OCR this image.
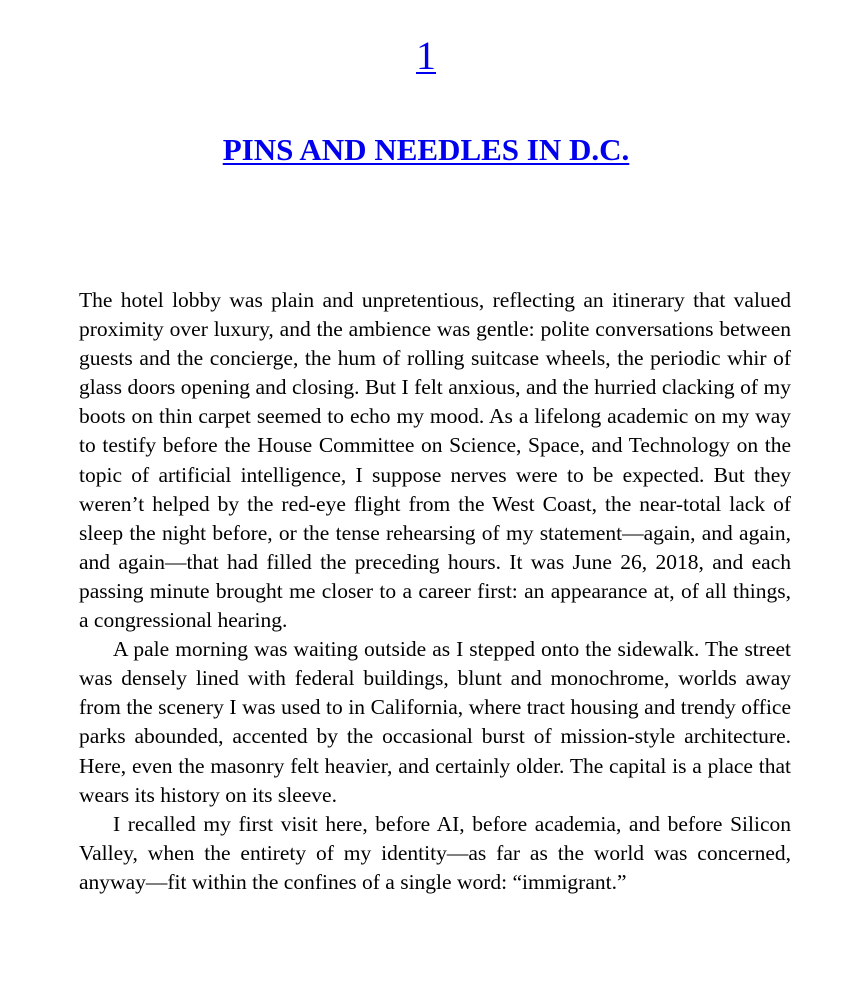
1
PINS AND NEEDLES IN D.C.

The hotel lobby was plain and unpretentious, reflecting an itinerary that valued proximity over luxury, and the ambience was gentle: polite conversations between guests and the concierge, the hum of rolling suitcase wheels, the periodic whir of glass doors opening and closing. But I felt anxious, and the hurried clacking of my boots on thin carpet seemed to echo my mood. As a lifelong academic on my way to testify before the House Committee on Science, Space, and Technology on the topic of artificial intelligence, I suppose nerves were to be expected. But they weren’t helped by the red-eye flight from the West Coast, the near-total lack of sleep the night before, or the tense rehearsing of my statement—again, and again, and again—that had filled the preceding hours. It was June 26, 2018, and each passing minute brought me closer to a career first: an appearance at, of all things, a congressional hearing.

A pale morning was waiting outside as I stepped onto the sidewalk. The street was densely lined with federal buildings, blunt and monochrome, worlds away from the scenery I was used to in California, where tract housing and trendy office parks abounded, accented by the occasional burst of mission-style architecture. Here, even the masonry felt heavier, and certainly older. The capital is a place that wears its history on its sleeve.

I recalled my first visit here, before AI, before academia, and before Silicon Valley, when the entirety of my identity—as far as the world was concerned, anyway—fit within the confines of a single word: “immigrant.”
